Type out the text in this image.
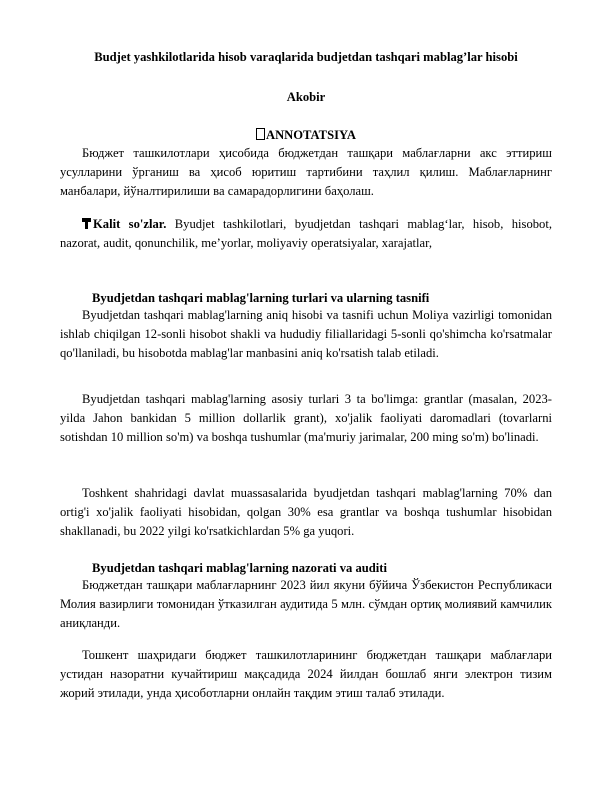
Budjet yashkilotlarida hisob varaqlarida budjetdan tashqari mablag’lar hisobi
Akobir
ANNOTATSIYA
Бюджет ташкилотлари ҳисобида бюджетдан ташқари маблағларни акс эттириш усулларини ўрганиш ва ҳисоб юритиш тартибини таҳлил қилиш. Маблағларнинг манбалари, йўналтирилиши ва самарадорлигини баҳолаш.
Kalit so'zlar. Byudjet tashkilotlari, byudjetdan tashqari mablag‘lar, hisob, hisobot, nazorat, audit, qonunchilik, me’yorlar, moliyaviy operatsiyalar, xarajatlar,
Byudjetdan tashqari mablag'larning turlari va ularning tasnifi
Byudjetdan tashqari mablag'larning aniq hisobi va tasnifi uchun Moliya vazirligi tomonidan ishlab chiqilgan 12-sonli hisobot shakli va hududiy filiallaridagi 5-sonli qo'shimcha ko'rsatmalar qo'llaniladi, bu hisobotda mablag'lar manbasini aniq ko'rsatish talab etiladi.
Byudjetdan tashqari mablag'larning asosiy turlari 3 ta bo'limga: grantlar (masalan, 2023-yilda Jahon bankidan 5 million dollarlik grant), xo'jalik faoliyati daromadlari (tovarlarni sotishdan 10 million so'm) va boshqa tushumlar (ma'muriy jarimalar, 200 ming so'm) bo'linadi.
Toshkent shahridagi davlat muassasalarida byudjetdan tashqari mablag'larning 70% dan ortig'i xo'jalik faoliyati hisobidan, qolgan 30% esa grantlar va boshqa tushumlar hisobidan shakllanadi, bu 2022 yilgi ko'rsatkichlardan 5% ga yuqori.
Byudjetdan tashqari mablag'larning nazorati va auditi
Бюджетдан ташқари маблағларнинг 2023 йил якуни бўйича Ўзбекистон Республикаси Молия вазирлиги томонидан ўтказилган аудитида 5 млн. сўмдан ортиқ молиявий камчилик аниқланди.
Тошкент шаҳридаги бюджет ташкилотларининг бюджетдан ташқари маблағлари устидан назоратни кучайтириш мақсадида 2024 йилдан бошлаб янги электрон тизим жорий этилади, унда ҳисоботларни онлайн тақдим этиш талаб этилади.
